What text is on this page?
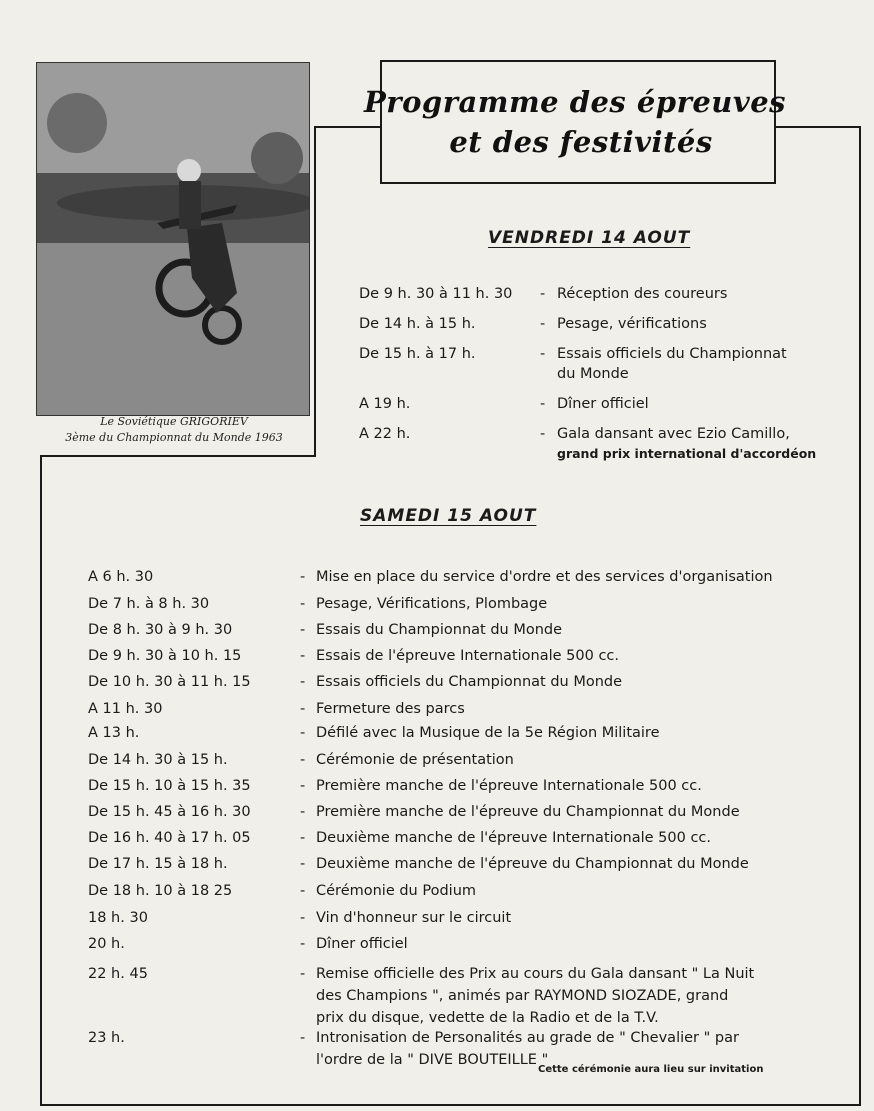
Le Soviétique GRIGORIEV
3ème du Championnat du Monde 1963
Programme des épreuves
et des festivités
VENDREDI 14 AOUT
De 9 h. 30 à 11 h. 30 - Réception des coureurs
De 14 h. à 15 h.	- Pesage, vérifications
De 15 h. à 17 h.	- Essais officiels du Championnat
du Monde
A 19 h.	- Dîner officiel
A 22 h.	- Gala dansant avec Ezio Camillo,
grand prix international d'accordéon
SAMEDI 15 AOUT
A 6 h. 30	- Mise en place du service d'ordre et des services d'organisation
De 7 h. à 8 h. 30	- Pesage, Vérifications, Plombage
De 8 h. 30 à 9 h. 30	- Essais du Championnat du Monde
De 9 h. 30 à 10 h. 15	- Essais de l'épreuve Internationale 500 cc.
De 10 h. 30 à 11 h. 15	- Essais officiels du Championnat du Monde
A 11 h. 30	- Fermeture des parcs
A 13 h.	- Défilé avec la Musique de la 5e Région Militaire
De 14 h. 30 à 15 h.	- Cérémonie de présentation
De 15 h. 10 à 15 h. 35	- Première manche de l'épreuve Internationale 500 cc.
De 15 h. 45 à 16 h. 30	- Première manche de l'épreuve du Championnat du Monde
De 16 h. 40 à 17 h. 05	- Deuxième manche de l'épreuve Internationale 500 cc.
De 17 h. 15 à 18 h.	- Deuxième manche de l'épreuve du Championnat du Monde
De 18 h. 10 à 18 25	- Cérémonie du Podium
18 h. 30	- Vin d'honneur sur le circuit
20 h.	- Dîner officiel
22 h. 45	- Remise officielle des Prix au cours du Gala dansant " La Nuit
des Champions ", animés par RAYMOND SIOZADE, grand
prix du disque, vedette de la Radio et de la T.V.
23 h.	- Intronisation de Personalités au grade de " Chevalier " par
l'ordre de la " DIVE BOUTEILLE "
Cette cérémonie aura lieu sur invitation
